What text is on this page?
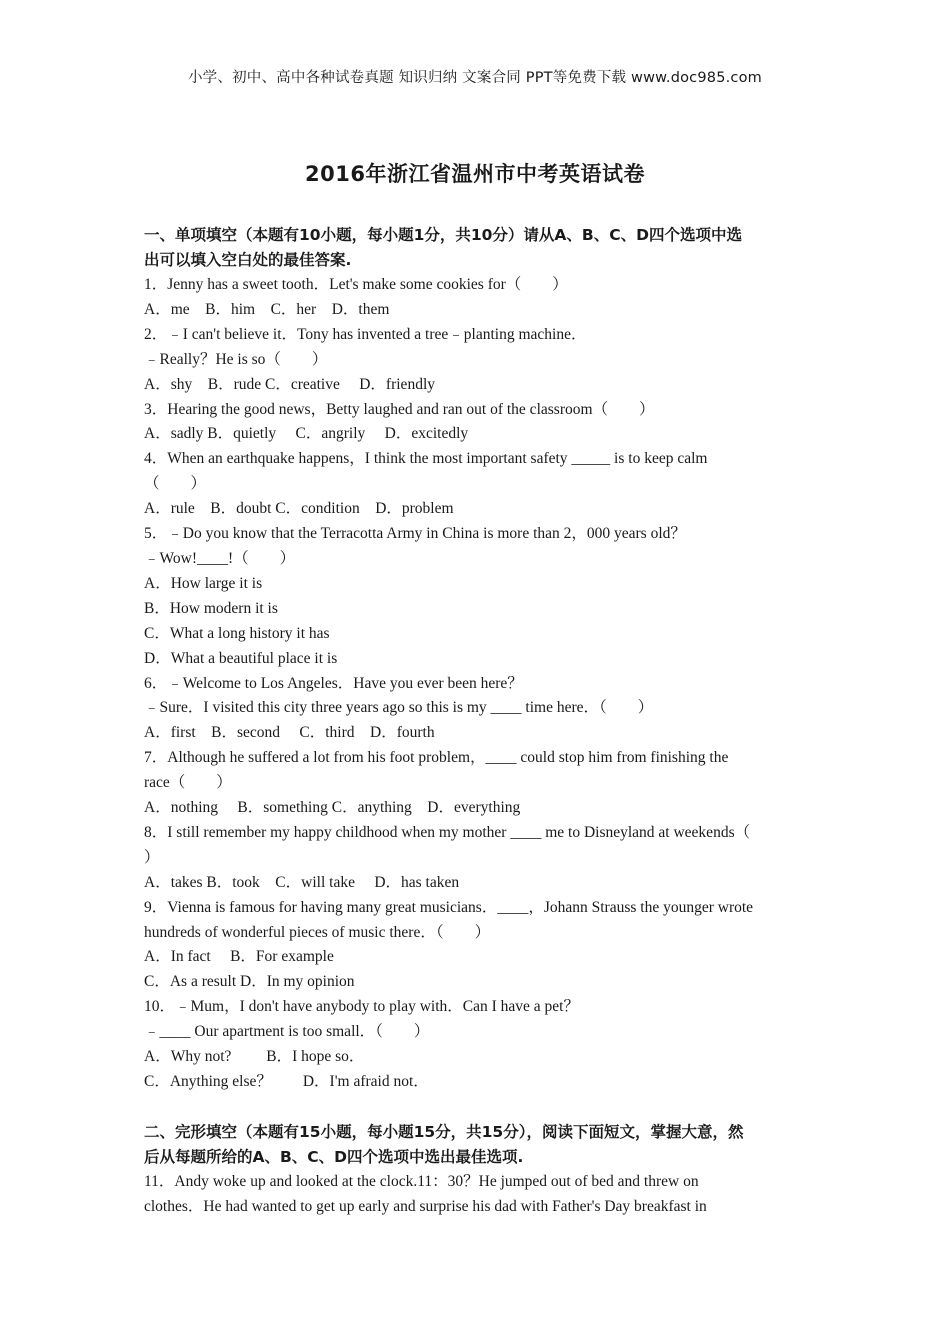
小学、初中、高中各种试卷真题 知识归纳 文案合同 PPT等免费下载 www.doc985.com
2016年浙江省温州市中考英语试卷

一、单项填空（本题有10小题，每小题1分，共10分）请从A、B、C、D四个选项中选

出可以填入空白处的最佳答案.

1．Jenny has a sweet tooth．Let's make some cookies for（　　）

A．me　B．him　C．her　D．them

2．﹣I can't believe it．Tony has invented a tree﹣planting machine．

﹣Really？He is so（　　）

A．shy　B．rude C．creative　 D．friendly

3．Hearing the good news，Betty laughed and ran out of the classroom（　　）

A．sadly B．quietly　 C．angrily　 D．excitedly

4．When an earthquake happens，I think the most important safety _____ is to keep calm

（　　）

A．rule　B．doubt C．condition　D．problem

5．﹣Do you know that the Terracotta Army in China is more than 2，000 years old？

﹣Wow!____!（　　）

A．How large it is

B．How modern it is

C．What a long history it has

D．What a beautiful place it is

6．﹣Welcome to Los Angeles．Have you ever been here？

﹣Sure．I visited this city three years ago so this is my ____ time here．（　　）

A．first　B．second　 C．third　D．fourth

7．Although he suffered a lot from his foot problem，____ could stop him from finishing the

race（　　）

A．nothing　 B．something C．anything　D．everything

8．I still remember my happy childhood when my mother ____ me to Disneyland at weekends（

）

A．takes B．took　C．will take　 D．has taken

9．Vienna is famous for having many great musicians．____，Johann Strauss the younger wrote

hundreds of wonderful pieces of music there．（　　）

A．In fact　 B．For example

C．As a result D．In my opinion

10．﹣Mum，I don't have anybody to play with．Can I have a pet？

﹣____ Our apartment is too small．（　　）

A．Why not?　　 B．I hope so．

C．Anything else？　　D．I'm afraid not．

二、完形填空（本题有15小题，每小题15分，共15分），阅读下面短文，掌握大意，然

后从每题所给的A、B、C、D四个选项中选出最佳选项.

11．Andy woke up and looked at the clock.11：30？He jumped out of bed and threw on

clothes．He had wanted to get up early and surprise his dad with Father's Day breakfast in
